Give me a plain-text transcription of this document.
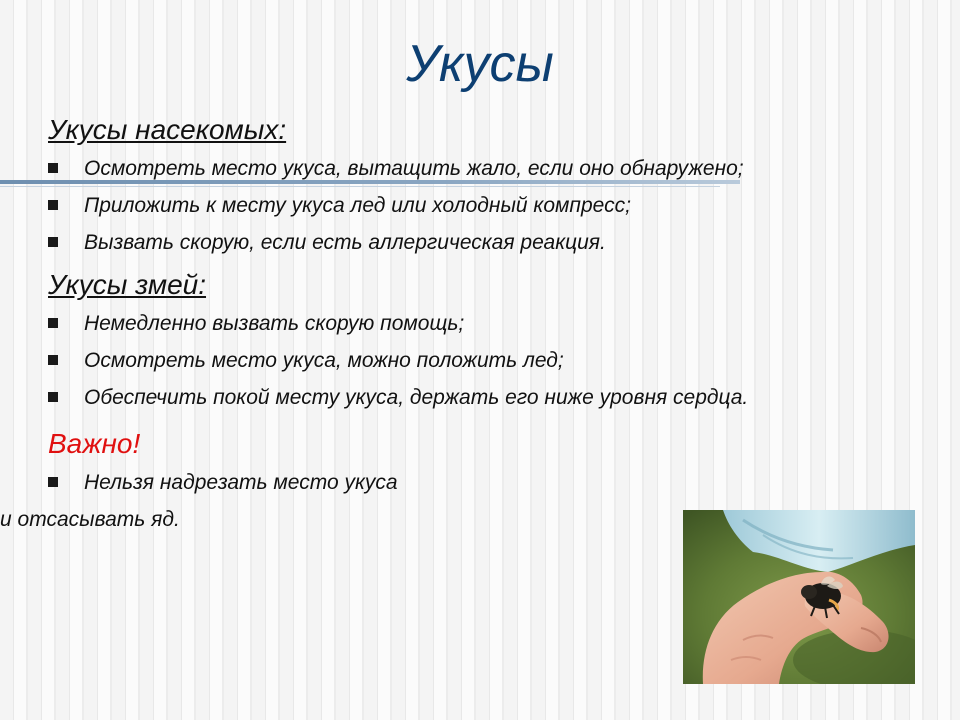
Укусы

Укусы насекомых:

Осмотреть место укуса, вытащить жало, если оно обнаружено;
Приложить к месту укуса лед или холодный компресс;
Вызвать скорую, если есть аллергическая реакция.

Укусы змей:

Немедленно вызвать скорую помощь;
Осмотреть место укуса, можно положить лед;
Обеспечить покой месту укуса, держать его ниже уровня сердца.

Важно!

Нельзя надрезать место укуса
и отсасывать яд.
